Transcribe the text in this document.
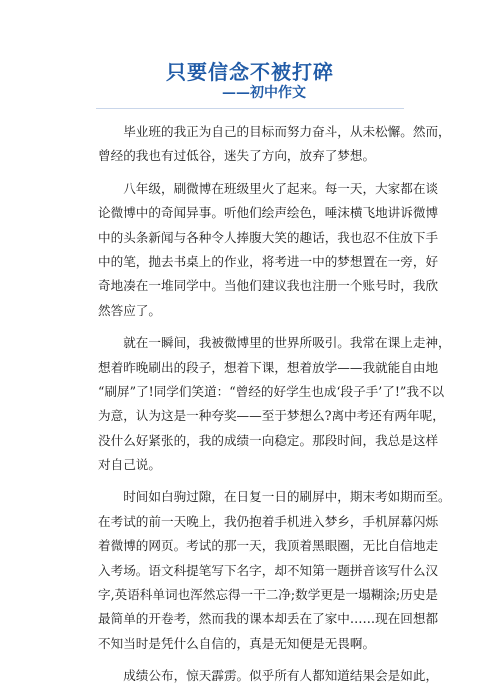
只要信念不被打碎
——初中作文
　　毕业班的我正为自己的目标而努力奋斗，从未松懈。然而，
曾经的我也有过低谷，迷失了方向，放弃了梦想。
　　八年级，刷微博在班级里火了起来。每一天，大家都在谈
论微博中的奇闻异事。听他们绘声绘色，唾沫横飞地讲诉微博
中的头条新闻与各种令人捧腹大笑的趣话，我也忍不住放下手
中的笔，抛去书桌上的作业，将考进一中的梦想置在一旁，好
奇地凑在一堆同学中。当他们建议我也注册一个账号时，我欣
然答应了。
　　就在一瞬间，我被微博里的世界所吸引。我常在课上走神，
想着昨晚刷出的段子，想着下课，想着放学——我就能自由地
“刷屏”了!同学们笑道：“曾经的好学生也成‘段子手’了!”我不以
为意，认为这是一种夸奖——至于梦想么?离中考还有两年呢，
没什么好紧张的，我的成绩一向稳定。那段时间，我总是这样
对自己说。
　　时间如白驹过隙，在日复一日的刷屏中，期末考如期而至。
在考试的前一天晚上，我仍抱着手机进入梦乡，手机屏幕闪烁
着微博的网页。考试的那一天，我顶着黑眼圈，无比自信地走
入考场。语文科提笔写下名字，却不知第一题拼音该写什么汉
字,英语科单词也浑然忘得一干二净;数学更是一塌糊涂;历史是
最简单的开卷考，然而我的课本却丢在了家中……现在回想都
不知当时是凭什么自信的，真是无知便是无畏啊。
　　成绩公布，惊天霹雳。似乎所有人都知道结果会是如此，
